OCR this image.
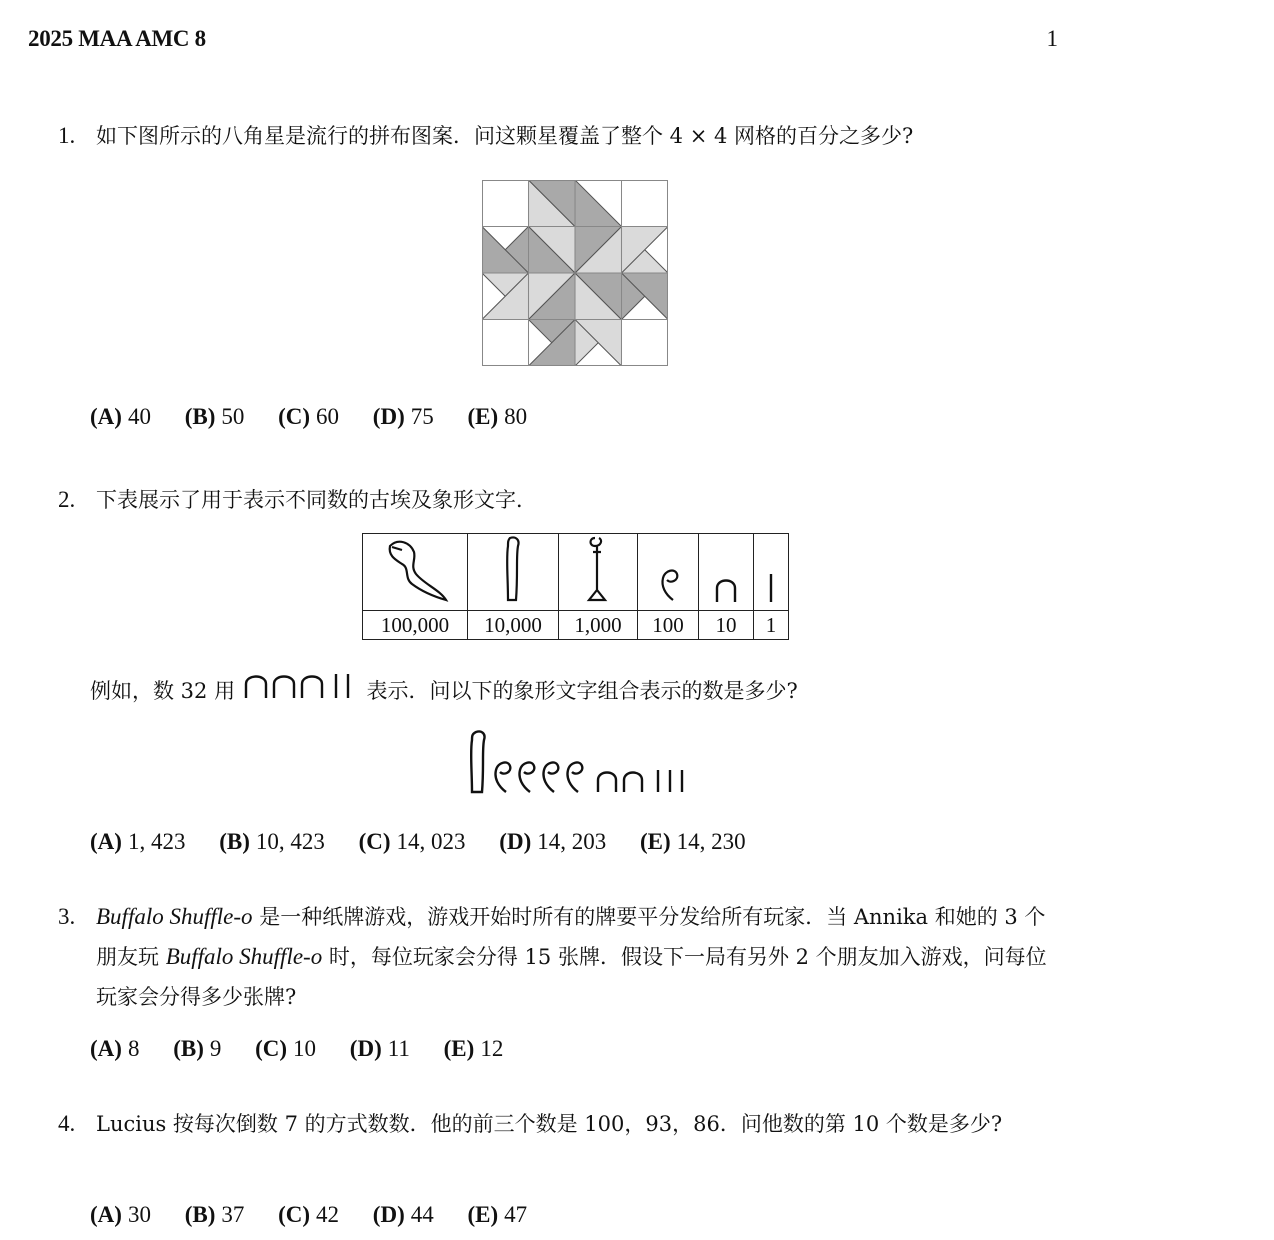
2025 MAA AMC 8	1
1. 如下图所示的八角星是流行的拼布图案．问这颗星覆盖了整个 4 × 4 网格的百分之多少?
(A) 40 (B) 50 (C) 60 (D) 75 (E) 80
2. 下表展示了用于表示不同数的古埃及象形文字．

100,000	10,000	1,000	100	10	1
例如，数 32 用	表示．问以下的象形文字组合表示的数是多少?
(A) 1, 423 (B) 10, 423 (C) 14, 023 (D) 14, 203 (E) 14, 230
3. Buffalo Shuffle-o 是一种纸牌游戏，游戏开始时所有的牌要平分发给所有玩家．当 Annika 和她的 3 个朋友玩 Buffalo Shuffle-o 时，每位玩家会分得 15 张牌．假设下一局有另外 2 个朋友加入游戏，问每位玩家会分得多少张牌?
(A) 8 (B) 9 (C) 10 (D) 11 (E) 12
4. Lucius 按每次倒数 7 的方式数数．他的前三个数是 100，93，86．问他数的第 10 个数是多少?
(A) 30 (B) 37 (C) 42 (D) 44 (E) 47
